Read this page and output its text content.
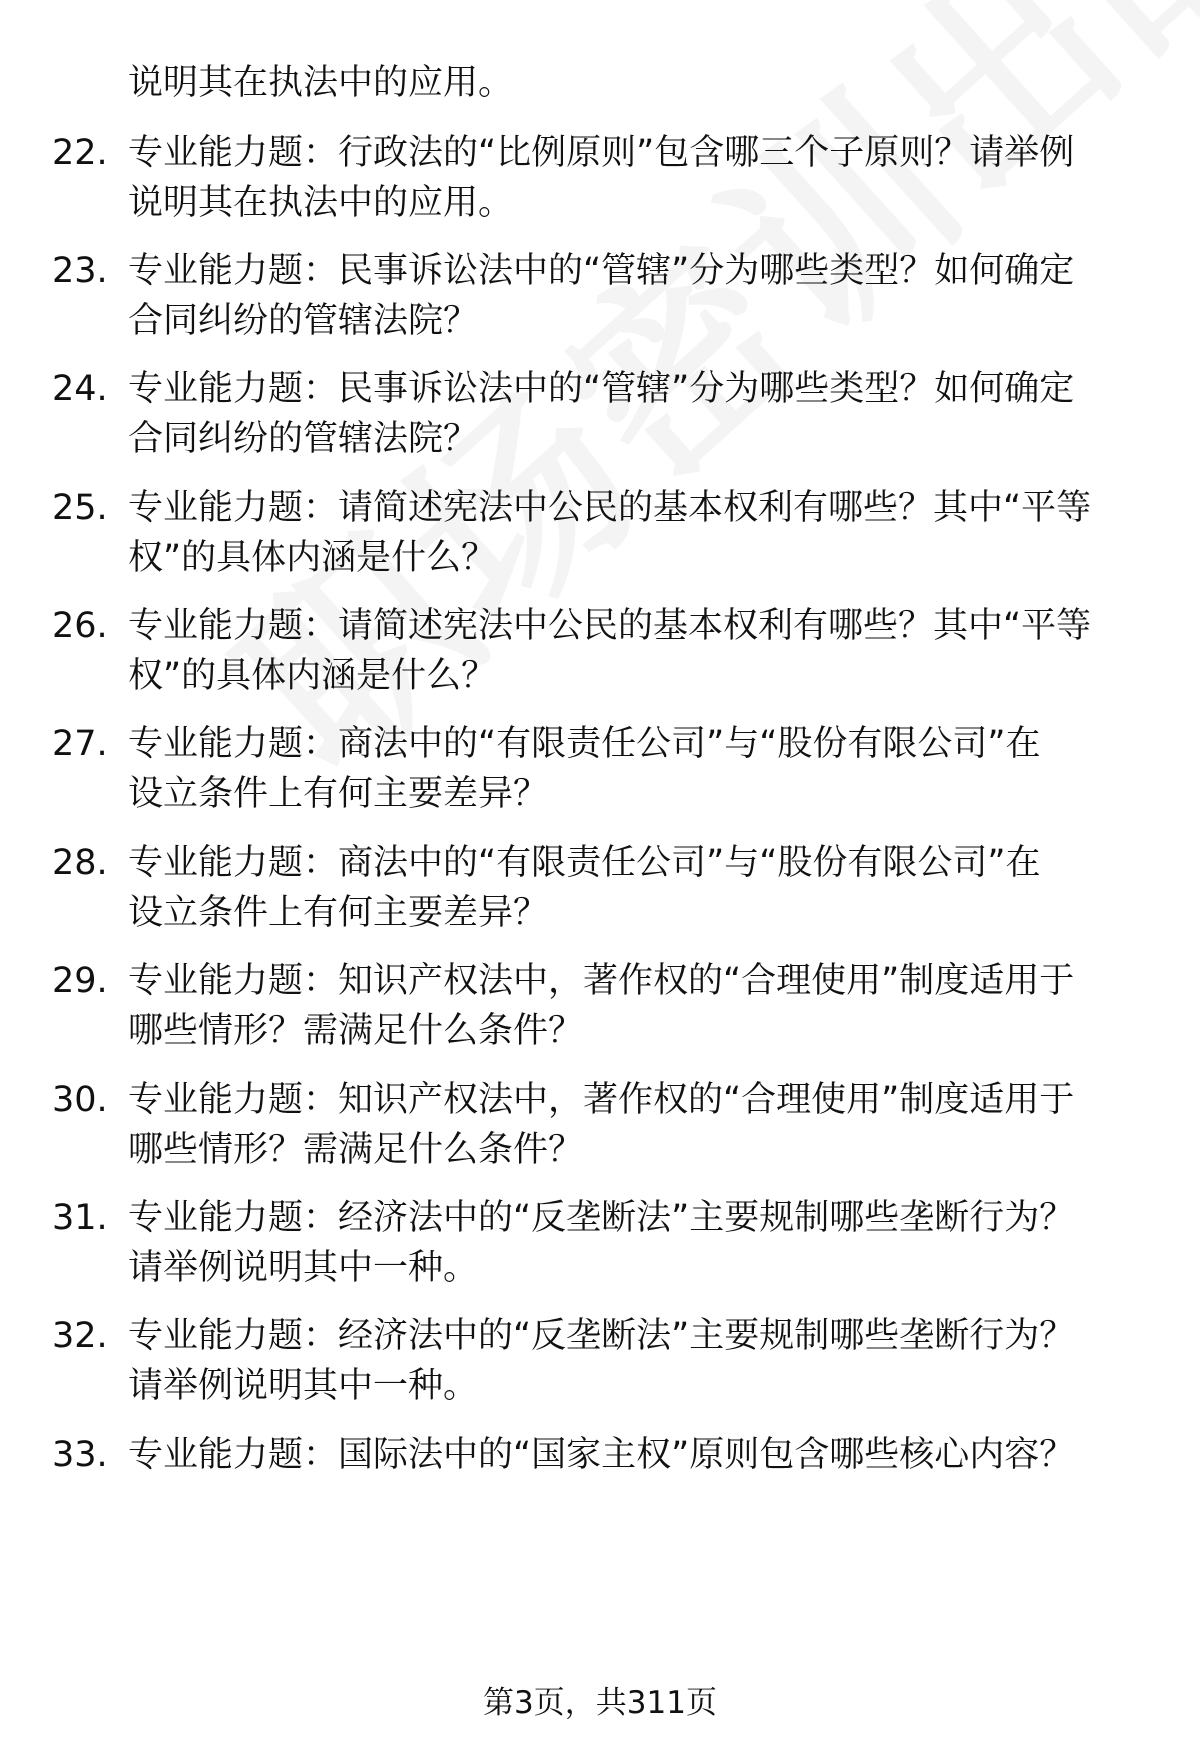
说明其在执法中的应用。
22. 专业能力题：行政法的“比例原则”包含哪三个子原则？请举例
说明其在执法中的应用。
23. 专业能力题：民事诉讼法中的“管辖”分为哪些类型？如何确定
合同纠纷的管辖法院？
24. 专业能力题：民事诉讼法中的“管辖”分为哪些类型？如何确定
合同纠纷的管辖法院？
25. 专业能力题：请简述宪法中公民的基本权利有哪些？其中“平等
权”的具体内涵是什么？
26. 专业能力题：请简述宪法中公民的基本权利有哪些？其中“平等
权”的具体内涵是什么？
27. 专业能力题：商法中的“有限责任公司”与“股份有限公司”在
设立条件上有何主要差异？
28. 专业能力题：商法中的“有限责任公司”与“股份有限公司”在
设立条件上有何主要差异？
29. 专业能力题：知识产权法中，著作权的“合理使用”制度适用于
哪些情形？需满足什么条件？
30. 专业能力题：知识产权法中，著作权的“合理使用”制度适用于
哪些情形？需满足什么条件？
31. 专业能力题：经济法中的“反垄断法”主要规制哪些垄断行为？
请举例说明其中一种。
32. 专业能力题：经济法中的“反垄断法”主要规制哪些垄断行为？
请举例说明其中一种。
33. 专业能力题：国际法中的“国家主权”原则包含哪些核心内容？
第3页，共311页
